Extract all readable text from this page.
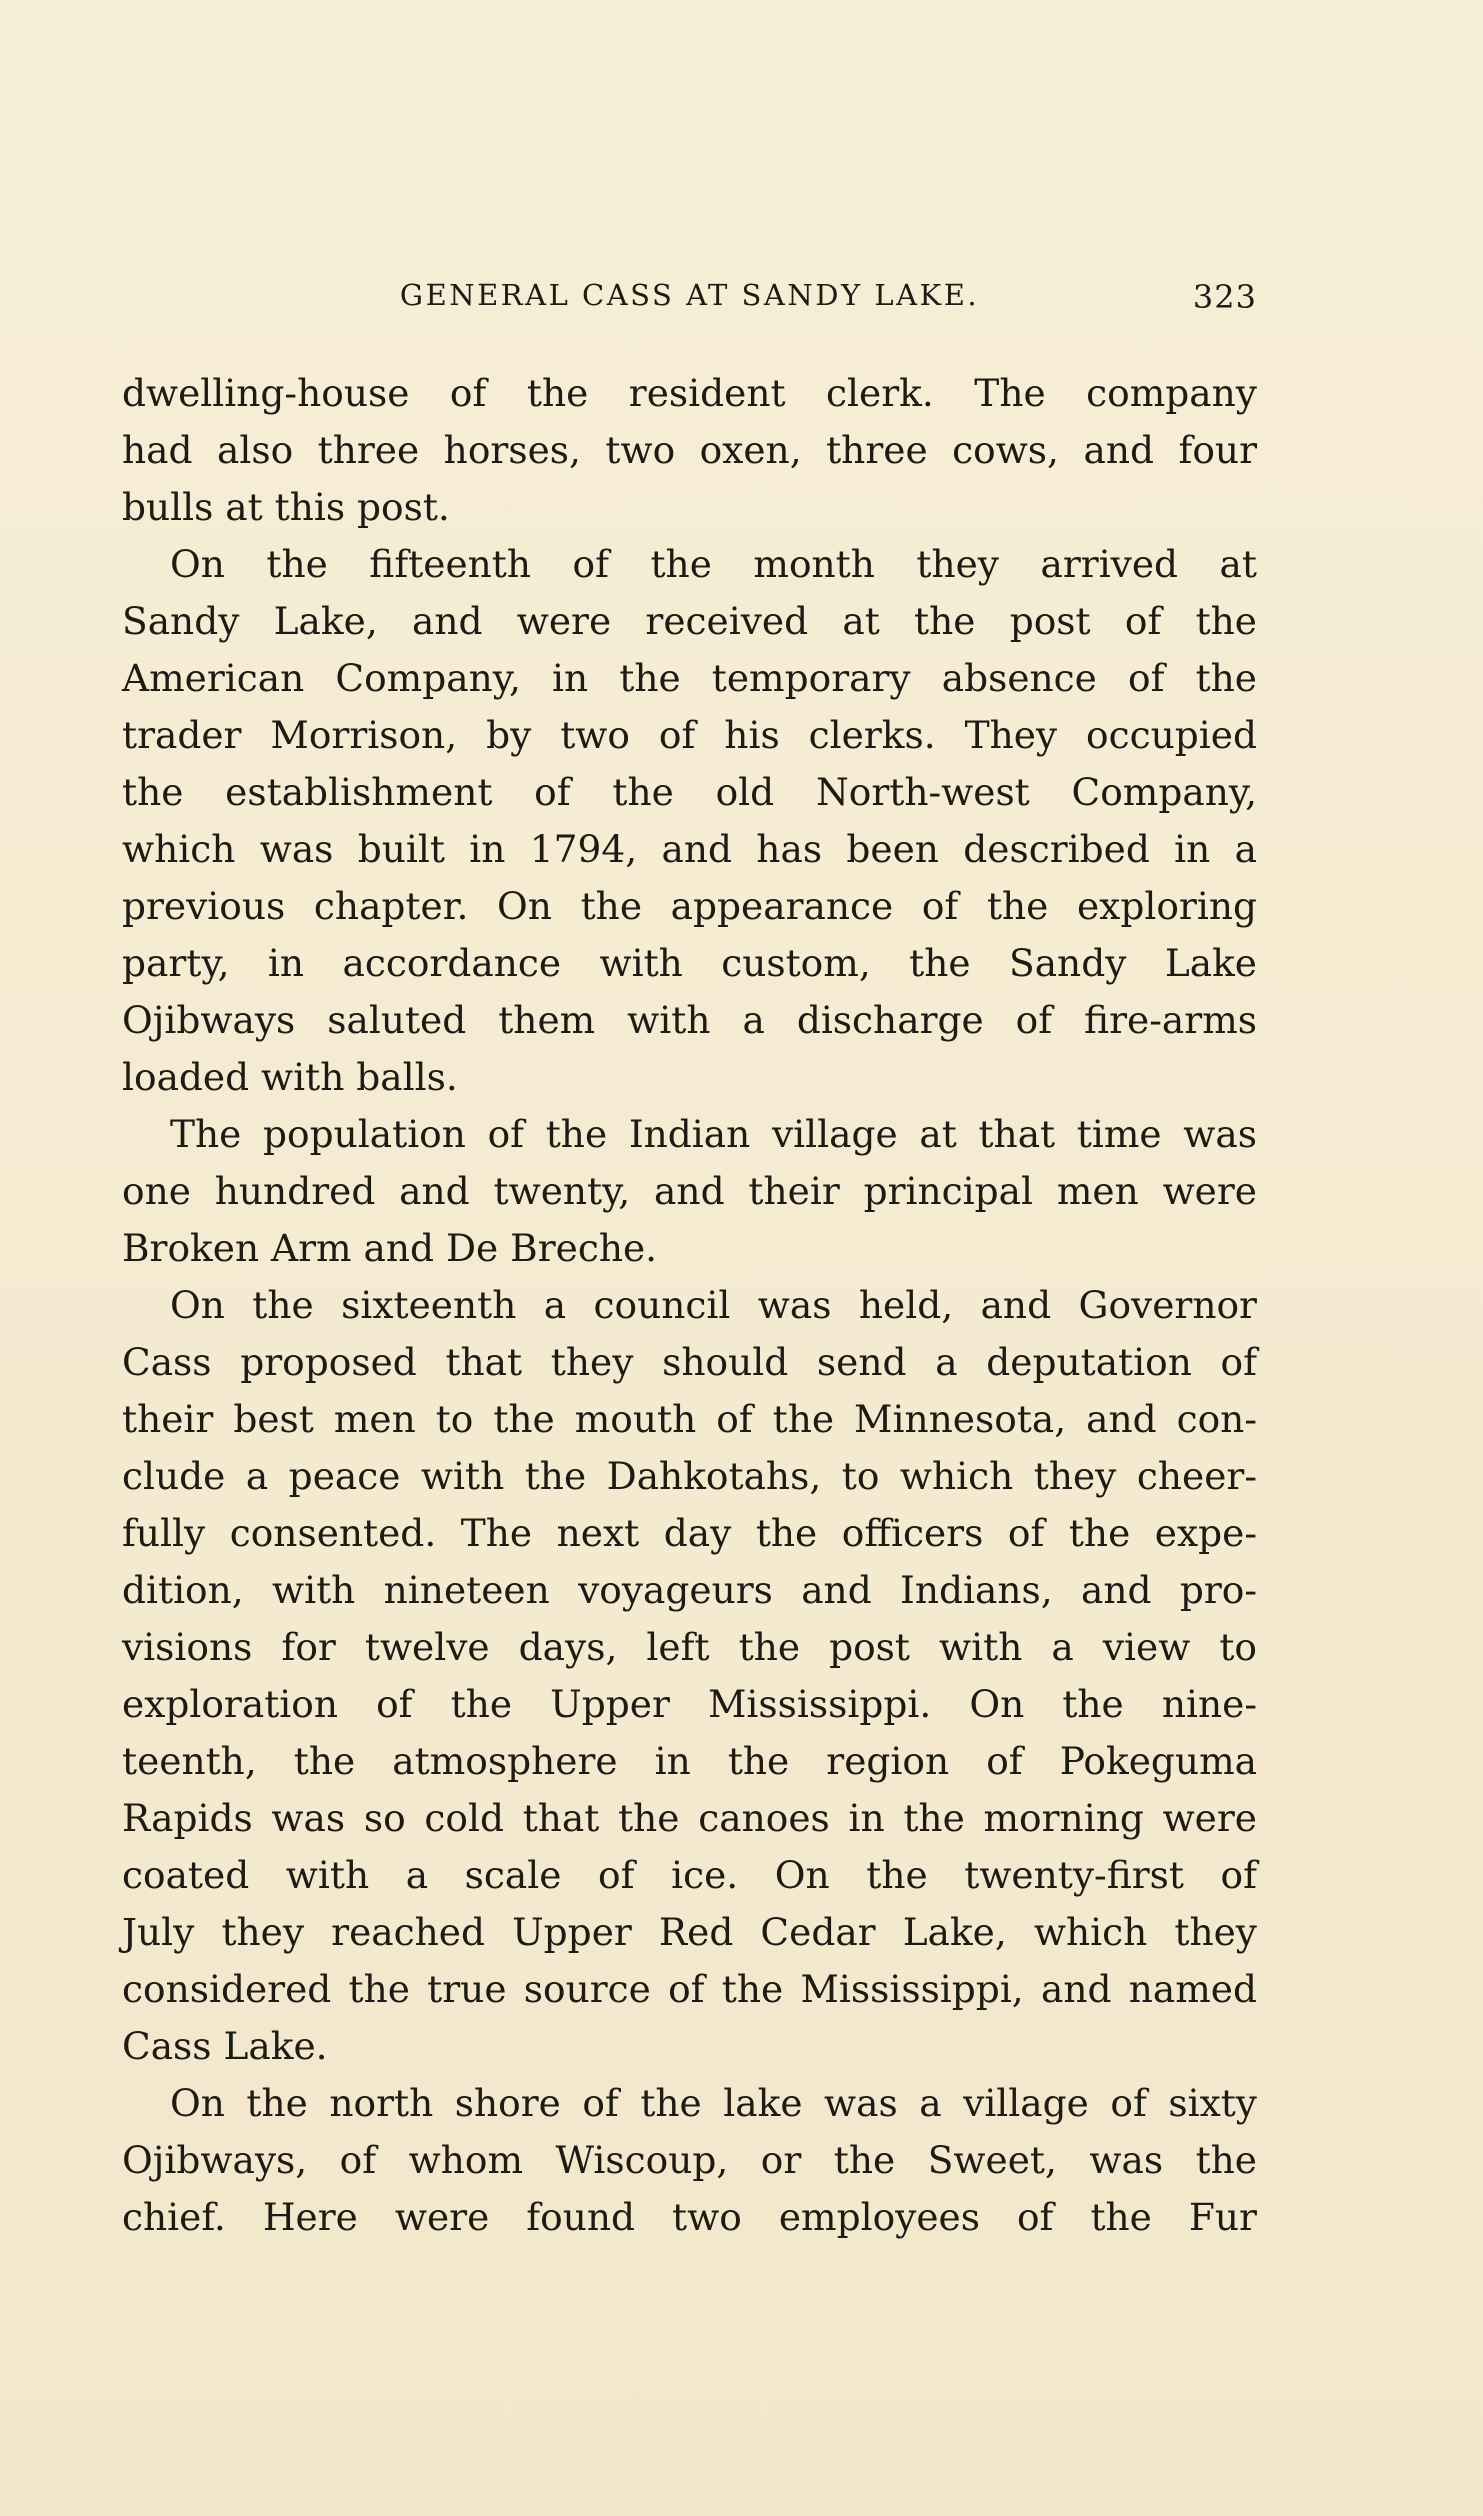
GENERAL CASS AT SANDY LAKE.	323
dwelling-house of the resident clerk. The company
had also three horses, two oxen, three cows, and four
bulls at this post.
On the fifteenth of the month they arrived at
Sandy Lake, and were received at the post of the
American Company, in the temporary absence of the
trader Morrison, by two of his clerks. They occupied
the establishment of the old North-west Company,
which was built in 1794, and has been described in a
previous chapter. On the appearance of the exploring
party, in accordance with custom, the Sandy Lake
Ojibways saluted them with a discharge of fire-arms
loaded with balls.
The population of the Indian village at that time was
one hundred and twenty, and their principal men were
Broken Arm and De Breche.
On the sixteenth a council was held, and Governor
Cass proposed that they should send a deputation of
their best men to the mouth of the Minnesota, and con-
clude a peace with the Dahkotahs, to which they cheer-
fully consented. The next day the officers of the expe-
dition, with nineteen voyageurs and Indians, and pro-
visions for twelve days, left the post with a view to
exploration of the Upper Mississippi. On the nine-
teenth, the atmosphere in the region of Pokeguma
Rapids was so cold that the canoes in the morning were
coated with a scale of ice. On the twenty-first of
July they reached Upper Red Cedar Lake, which they
considered the true source of the Mississippi, and named
Cass Lake.
On the north shore of the lake was a village of sixty
Ojibways, of whom Wiscoup, or the Sweet, was the
chief. Here were found two employees of the Fur
